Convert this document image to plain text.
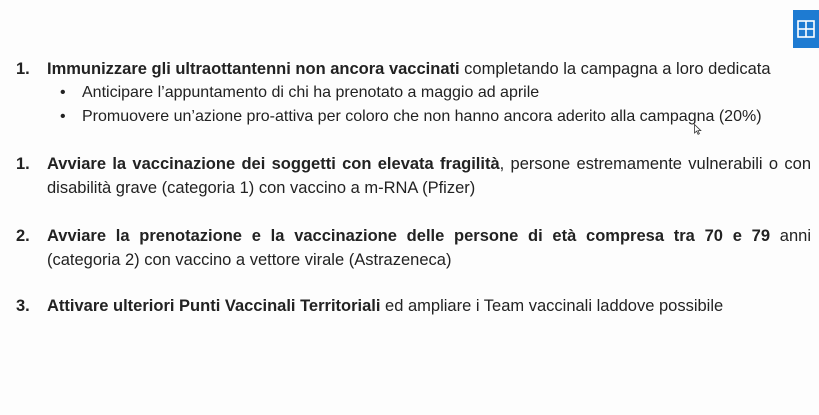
1. Immunizzare gli ultraottantenni non ancora vaccinati completando la campagna a loro dedicata
• Anticipare l’appuntamento di chi ha prenotato a maggio ad aprile
• Promuovere un’azione pro-attiva per coloro che non hanno ancora aderito alla campagna (20%)
1. Avviare la vaccinazione dei soggetti con elevata fragilità, persone estremamente vulnerabili o con disabilità grave (categoria 1) con vaccino a m-RNA (Pfizer)
2. Avviare la prenotazione e la vaccinazione delle persone di età compresa tra 70 e 79 anni (categoria 2) con vaccino a vettore virale (Astrazeneca)
3. Attivare ulteriori Punti Vaccinali Territoriali ed ampliare i Team vaccinali laddove possibile
